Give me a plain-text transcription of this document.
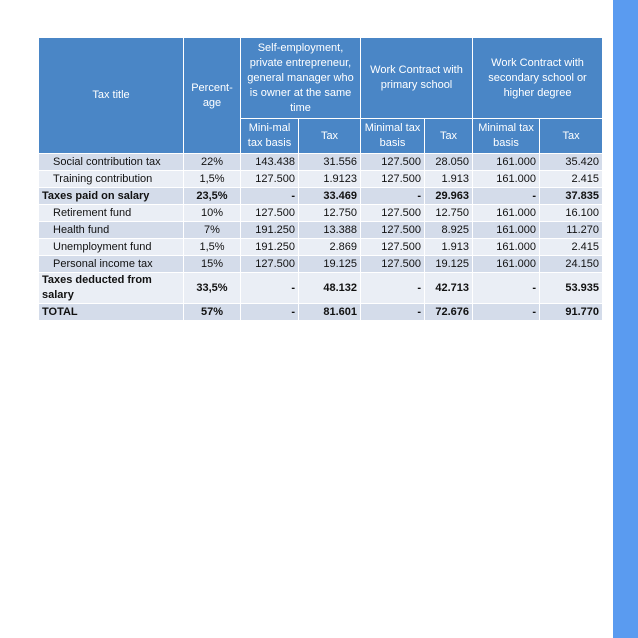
Tax title	Percent-age	Self-employment, private entrepreneur, general manager who is owner at the same time		Work Contract with primary school		Work Contract with secondary school or higher degree	
		Mini-mal tax basis	Tax	Minimal tax basis	Tax	Minimal tax basis	Tax
Social contribution tax	22%	143.438	31.556	127.500	28.050	161.000	35.420
Training contribution	1,5%	127.500	1.9123	127.500	1.913	161.000	2.415
Taxes paid on salary	23,5%	-	33.469	-	29.963	-	37.835
Retirement fund	10%	127.500	12.750	127.500	12.750	161.000	16.100
Health fund	7%	191.250	13.388	127.500	8.925	161.000	11.270
Unemployment fund	1,5%	191.250	2.869	127.500	1.913	161.000	2.415
Personal income tax	15%	127.500	19.125	127.500	19.125	161.000	24.150
Taxes deducted from salary	33,5%	-	48.132	-	42.713	-	53.935
TOTAL	57%	-	81.601	-	72.676	-	91.770
